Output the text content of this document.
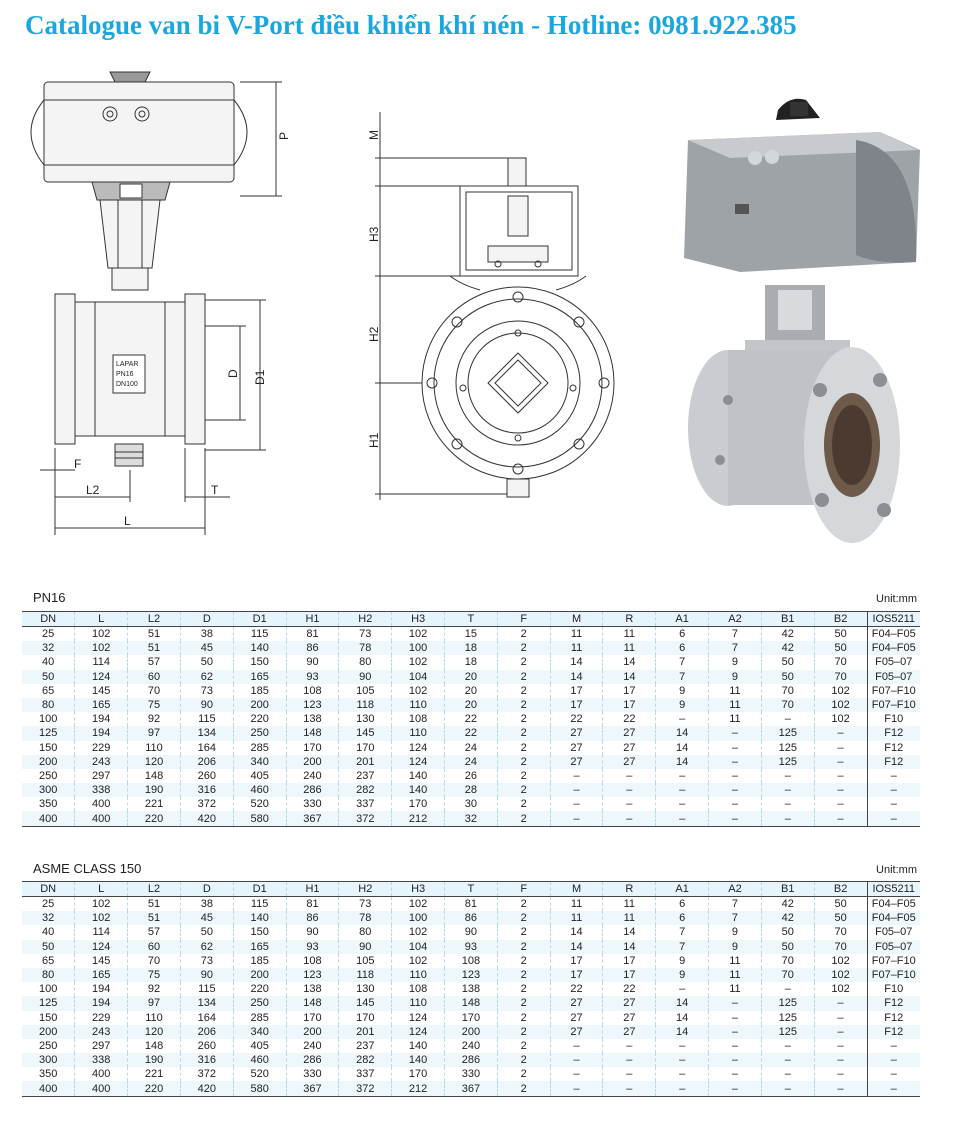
Catalogue van bi V-Port điều khiển khí nén - Hotline: 0981.922.385
P
D D1
F
L2	T
L
LAPAR
PN16
DN100
M
H3
H2
H1
PN16	Unit:mm
DN	L	L2	D	D1	H1	H2	H3	T	F	M	R	A1	A2	B1	B2	IOS5211
25	102	51	38	115	81	73	102	15	2	11	11	6	7	42	50	F04–F05
32	102	51	45	140	86	78	100	18	2	11	11	6	7	42	50	F04–F05
40	114	57	50	150	90	80	102	18	2	14	14	7	9	50	70	F05–07
50	124	60	62	165	93	90	104	20	2	14	14	7	9	50	70	F05–07
65	145	70	73	185	108	105	102	20	2	17	17	9	11	70	102	F07–F10
80	165	75	90	200	123	118	110	20	2	17	17	9	11	70	102	F07–F10
100	194	92	115	220	138	130	108	22	2	22	22	–	11	–	102	F10
125	194	97	134	250	148	145	110	22	2	27	27	14	–	125	–	F12
150	229	110	164	285	170	170	124	24	2	27	27	14	–	125	–	F12
200	243	120	206	340	200	201	124	24	2	27	27	14	–	125	–	F12
250	297	148	260	405	240	237	140	26	2	–	–	–	–	–	–	–
300	338	190	316	460	286	282	140	28	2	–	–	–	–	–	–	–
350	400	221	372	520	330	337	170	30	2	–	–	–	–	–	–	–
400	400	220	420	580	367	372	212	32	2	–	–	–	–	–	–	–
ASME CLASS 150	Unit:mm
DN	L	L2	D	D1	H1	H2	H3	T	F	M	R	A1	A2	B1	B2	IOS5211
25	102	51	38	115	81	73	102	81	2	11	11	6	7	42	50	F04–F05
32	102	51	45	140	86	78	100	86	2	11	11	6	7	42	50	F04–F05
40	114	57	50	150	90	80	102	90	2	14	14	7	9	50	70	F05–07
50	124	60	62	165	93	90	104	93	2	14	14	7	9	50	70	F05–07
65	145	70	73	185	108	105	102	108	2	17	17	9	11	70	102	F07–F10
80	165	75	90	200	123	118	110	123	2	17	17	9	11	70	102	F07–F10
100	194	92	115	220	138	130	108	138	2	22	22	–	11	–	102	F10
125	194	97	134	250	148	145	110	148	2	27	27	14	–	125	–	F12
150	229	110	164	285	170	170	124	170	2	27	27	14	–	125	–	F12
200	243	120	206	340	200	201	124	200	2	27	27	14	–	125	–	F12
250	297	148	260	405	240	237	140	240	2	–	–	–	–	–	–	–
300	338	190	316	460	286	282	140	286	2	–	–	–	–	–	–	–
350	400	221	372	520	330	337	170	330	2	–	–	–	–	–	–	–
400	400	220	420	580	367	372	212	367	2	–	–	–	–	–	–	–
